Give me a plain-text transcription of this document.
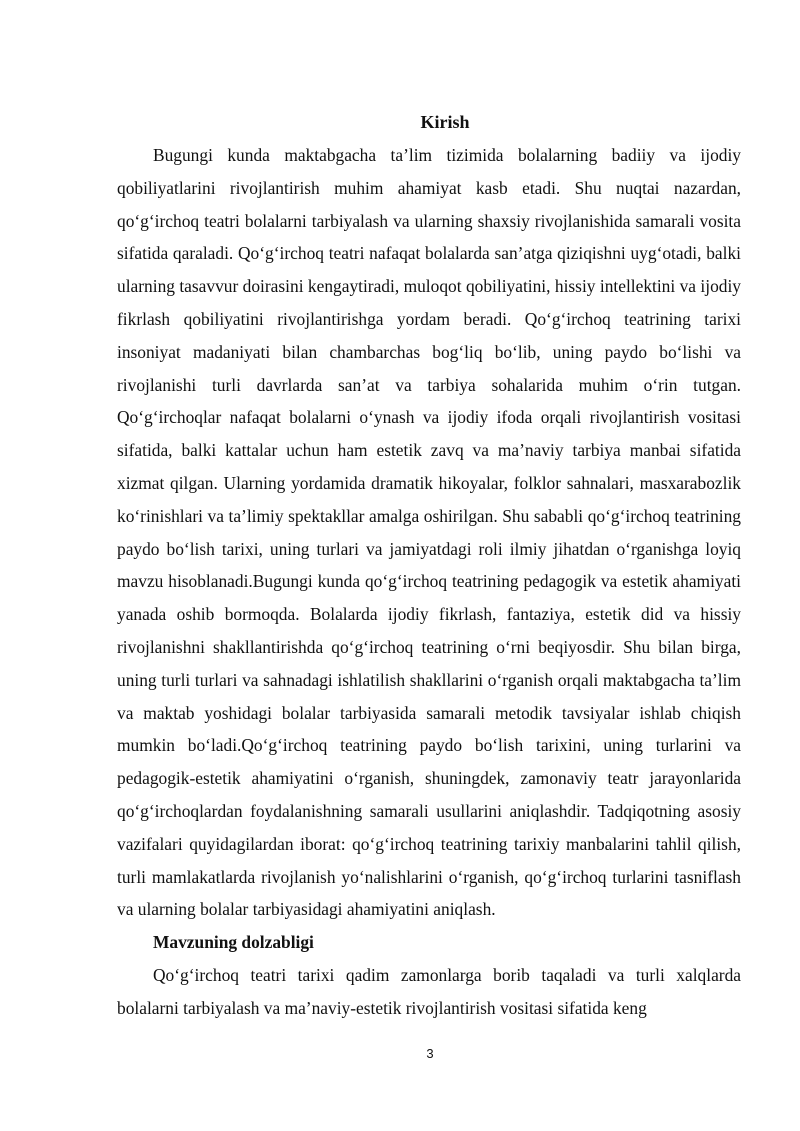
Kirish

Bugungi kunda maktabgacha ta’lim tizimida bolalarning badiiy va ijodiy qobiliyatlarini rivojlantirish muhim ahamiyat kasb etadi. Shu nuqtai nazardan, qo‘g‘irchoq teatri bolalarni tarbiyalash va ularning shaxsiy rivojlanishida samarali vosita sifatida qaraladi. Qo‘g‘irchoq teatri nafaqat bolalarda san’atga qiziqishni uyg‘otadi, balki ularning tasavvur doirasini kengaytiradi, muloqot qobiliyatini, hissiy intellektini va ijodiy fikrlash qobiliyatini rivojlantirishga yordam beradi. Qo‘g‘irchoq teatrining tarixi insoniyat madaniyati bilan chambarchas bog‘liq bo‘lib, uning paydo bo‘lishi va rivojlanishi turli davrlarda san’at va tarbiya sohalarida muhim o‘rin tutgan. Qo‘g‘irchoqlar nafaqat bolalarni o‘ynash va ijodiy ifoda orqali rivojlantirish vositasi sifatida, balki kattalar uchun ham estetik zavq va ma’naviy tarbiya manbai sifatida xizmat qilgan. Ularning yordamida dramatik hikoyalar, folklor sahnalari, masxarabozlik ko‘rinishlari va ta’limiy spektakllar amalga oshirilgan. Shu sababli qo‘g‘irchoq teatrining paydo bo‘lish tarixi, uning turlari va jamiyatdagi roli ilmiy jihatdan o‘rganishga loyiq mavzu hisoblanadi.Bugungi kunda qo‘g‘irchoq teatrining pedagogik va estetik ahamiyati yanada oshib bormoqda. Bolalarda ijodiy fikrlash, fantaziya, estetik did va hissiy rivojlanishni shakllantirishda qo‘g‘irchoq teatrining o‘rni beqiyosdir. Shu bilan birga, uning turli turlari va sahnadagi ishlatilish shakllarini o‘rganish orqali maktabgacha ta’lim va maktab yoshidagi bolalar tarbiyasida samarali metodik tavsiyalar ishlab chiqish mumkin bo‘ladi.Qo‘g‘irchoq teatrining paydo bo‘lish tarixini, uning turlarini va pedagogik-estetik ahamiyatini o‘rganish, shuningdek, zamonaviy teatr jarayonlarida qo‘g‘irchoqlardan foydalanishning samarali usullarini aniqlashdir. Tadqiqotning asosiy vazifalari quyidagilardan iborat: qo‘g‘irchoq teatrining tarixiy manbalarini tahlil qilish, turli mamlakatlarda rivojlanish yo‘nalishlarini o‘rganish, qo‘g‘irchoq turlarini tasniflash va ularning bolalar tarbiyasidagi ahamiyatini aniqlash.

Mavzuning dolzabligi

Qo‘g‘irchoq teatri tarixi qadim zamonlarga borib taqaladi va turli xalqlarda bolalarni tarbiyalash va ma’naviy-estetik rivojlantirish vositasi sifatida keng

3
